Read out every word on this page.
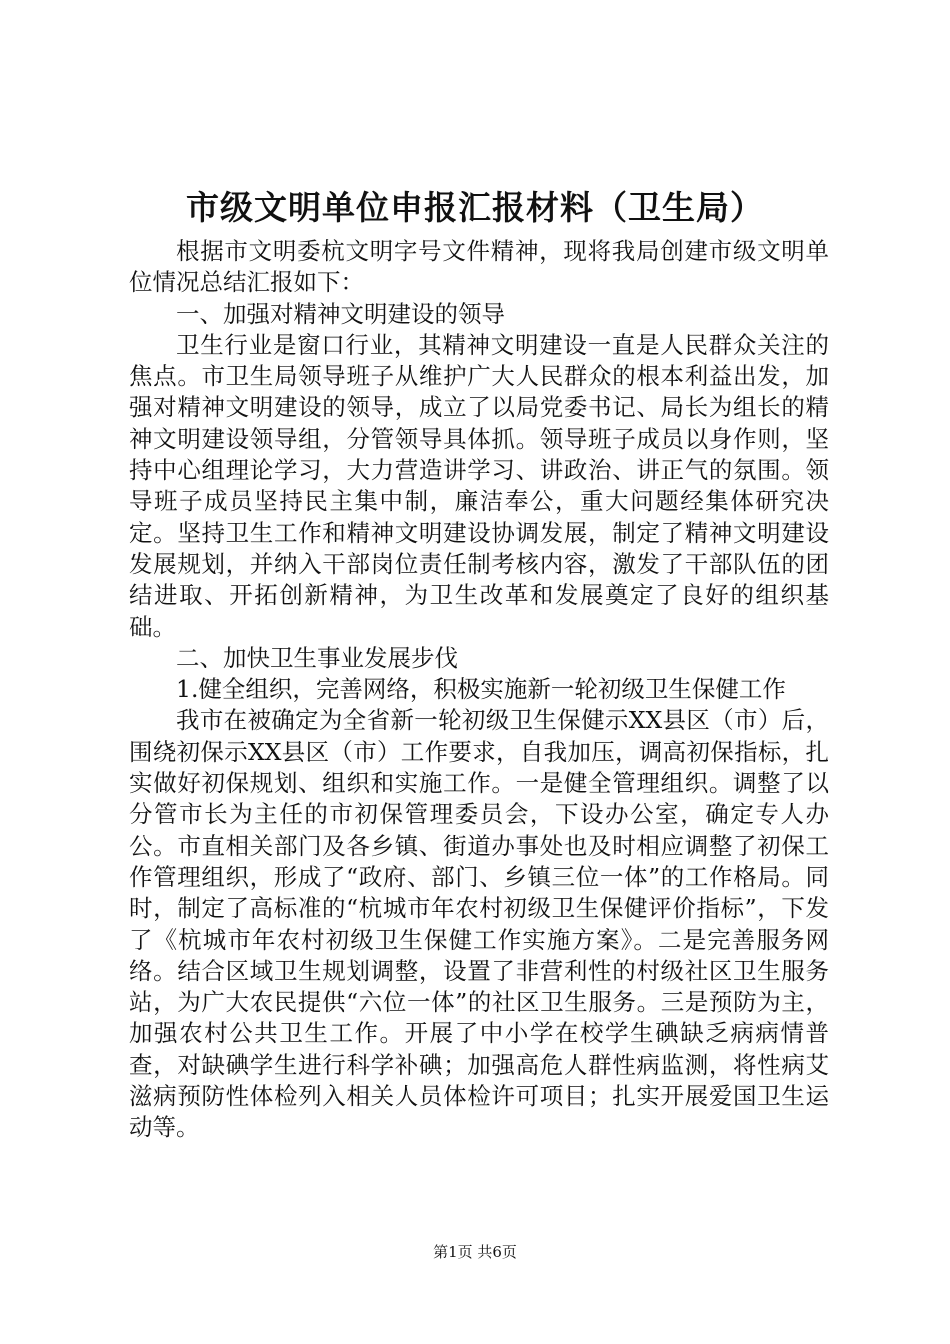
市级文明单位申报汇报材料（卫生局）

根据市文明委杭文明字号文件精神，现将我局创建市级文明单位情况总结汇报如下：

一、加强对精神文明建设的领导

卫生行业是窗口行业，其精神文明建设一直是人民群众关注的焦点。市卫生局领导班子从维护广大人民群众的根本利益出发，加强对精神文明建设的领导，成立了以局党委书记、局长为组长的精神文明建设领导组，分管领导具体抓。领导班子成员以身作则，坚持中心组理论学习，大力营造讲学习、讲政治、讲正气的氛围。领导班子成员坚持民主集中制，廉洁奉公，重大问题经集体研究决定。坚持卫生工作和精神文明建设协调发展，制定了精神文明建设发展规划，并纳入干部岗位责任制考核内容，激发了干部队伍的团结进取、开拓创新精神，为卫生改革和发展奠定了良好的组织基础。

二、加快卫生事业发展步伐

1.健全组织，完善网络，积极实施新一轮初级卫生保健工作

我市在被确定为全省新一轮初级卫生保健示XX县区（市）后，围绕初保示XX县区（市）工作要求，自我加压，调高初保指标，扎实做好初保规划、组织和实施工作。一是健全管理组织。调整了以分管市长为主任的市初保管理委员会，下设办公室，确定专人办公。市直相关部门及各乡镇、街道办事处也及时相应调整了初保工作管理组织，形成了“政府、部门、乡镇三位一体”的工作格局。同时，制定了高标准的“杭城市年农村初级卫生保健评价指标”，下发了《杭城市年农村初级卫生保健工作实施方案》。二是完善服务网络。结合区域卫生规划调整，设置了非营利性的村级社区卫生服务站，为广大农民提供“六位一体”的社区卫生服务。三是预防为主，加强农村公共卫生工作。开展了中小学在校学生碘缺乏病病情普查，对缺碘学生进行科学补碘；加强高危人群性病监测，将性病艾滋病预防性体检列入相关人员体检许可项目；扎实开展爱国卫生运动等。

第1页 共6页
